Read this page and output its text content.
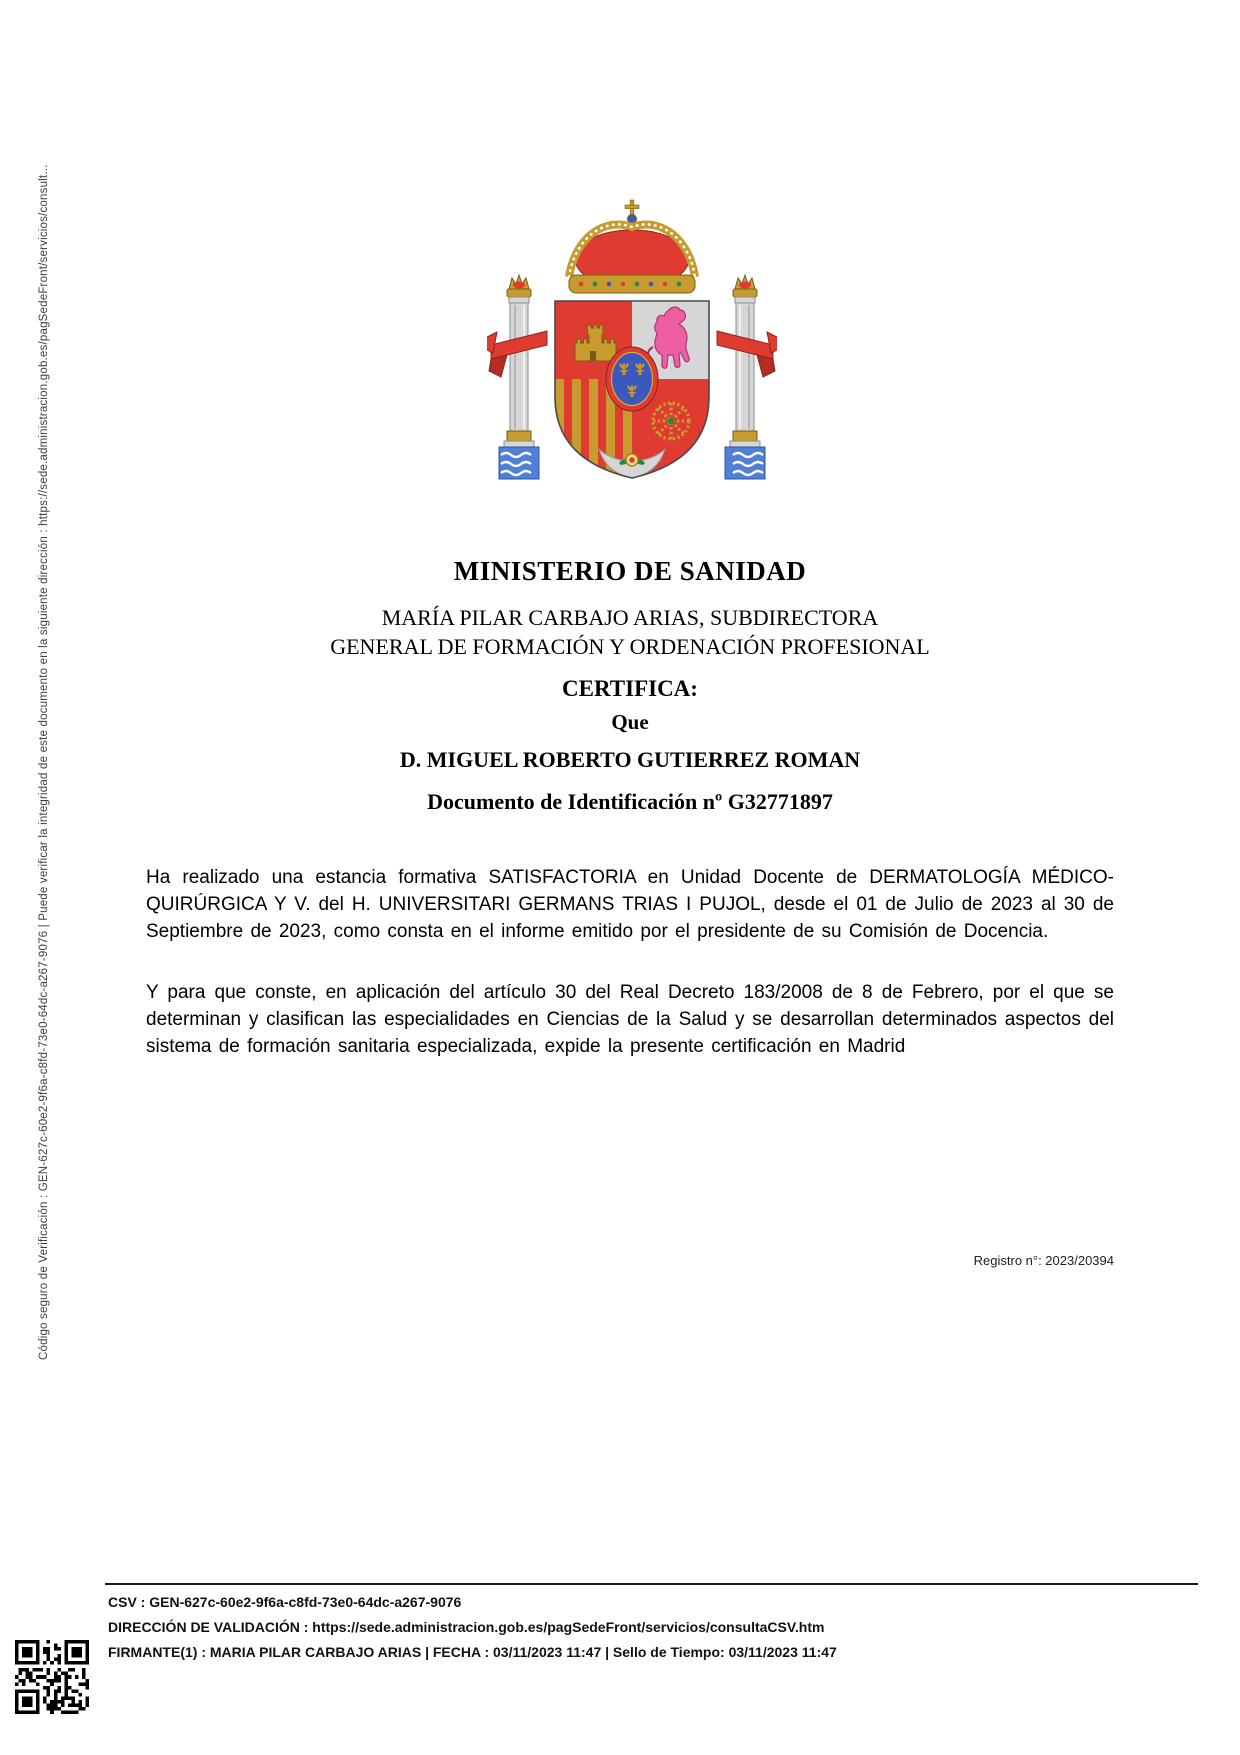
Código seguro de Verificación : GEN-627c-60e2-9f6a-c8fd-73e0-64dc-a267-9076 | Puede verificar la integridad de este documento en la siguiente dirección : https://sede.administracion.gob.es/pagSedeFront/servicios/consult...	MINISTERIO DE SANIDAD
MARÍA PILAR CARBAJO ARIAS, SUBDIRECTORA
GENERAL DE FORMACIÓN Y ORDENACIÓN PROFESIONAL
CERTIFICA:
Que
D. MIGUEL ROBERTO GUTIERREZ ROMAN
Documento de Identificación nº G32771897
Ha realizado una estancia formativa SATISFACTORIA en Unidad Docente de DERMATOLOGÍA MÉDICO-QUIRÚRGICA Y V. del H. UNIVERSITARI GERMANS TRIAS I PUJOL, desde el 01 de Julio de 2023 al 30 de Septiembre de 2023, como consta en el informe emitido por el presidente de su Comisión de Docencia.
Y para que conste, en aplicación del artículo 30 del Real Decreto 183/2008 de 8 de Febrero, por el que se determinan y clasifican las especialidades en Ciencias de la Salud y se desarrollan determinados aspectos del sistema de formación sanitaria especializada, expide la presente certificación en Madrid
Registro n°: 2023/20394
CSV : GEN-627c-60e2-9f6a-c8fd-73e0-64dc-a267-9076
DIRECCIÓN DE VALIDACIÓN : https://sede.administracion.gob.es/pagSedeFront/servicios/consultaCSV.htm
FIRMANTE(1) : MARIA PILAR CARBAJO ARIAS | FECHA : 03/11/2023 11:47 | Sello de Tiempo: 03/11/2023 11:47
